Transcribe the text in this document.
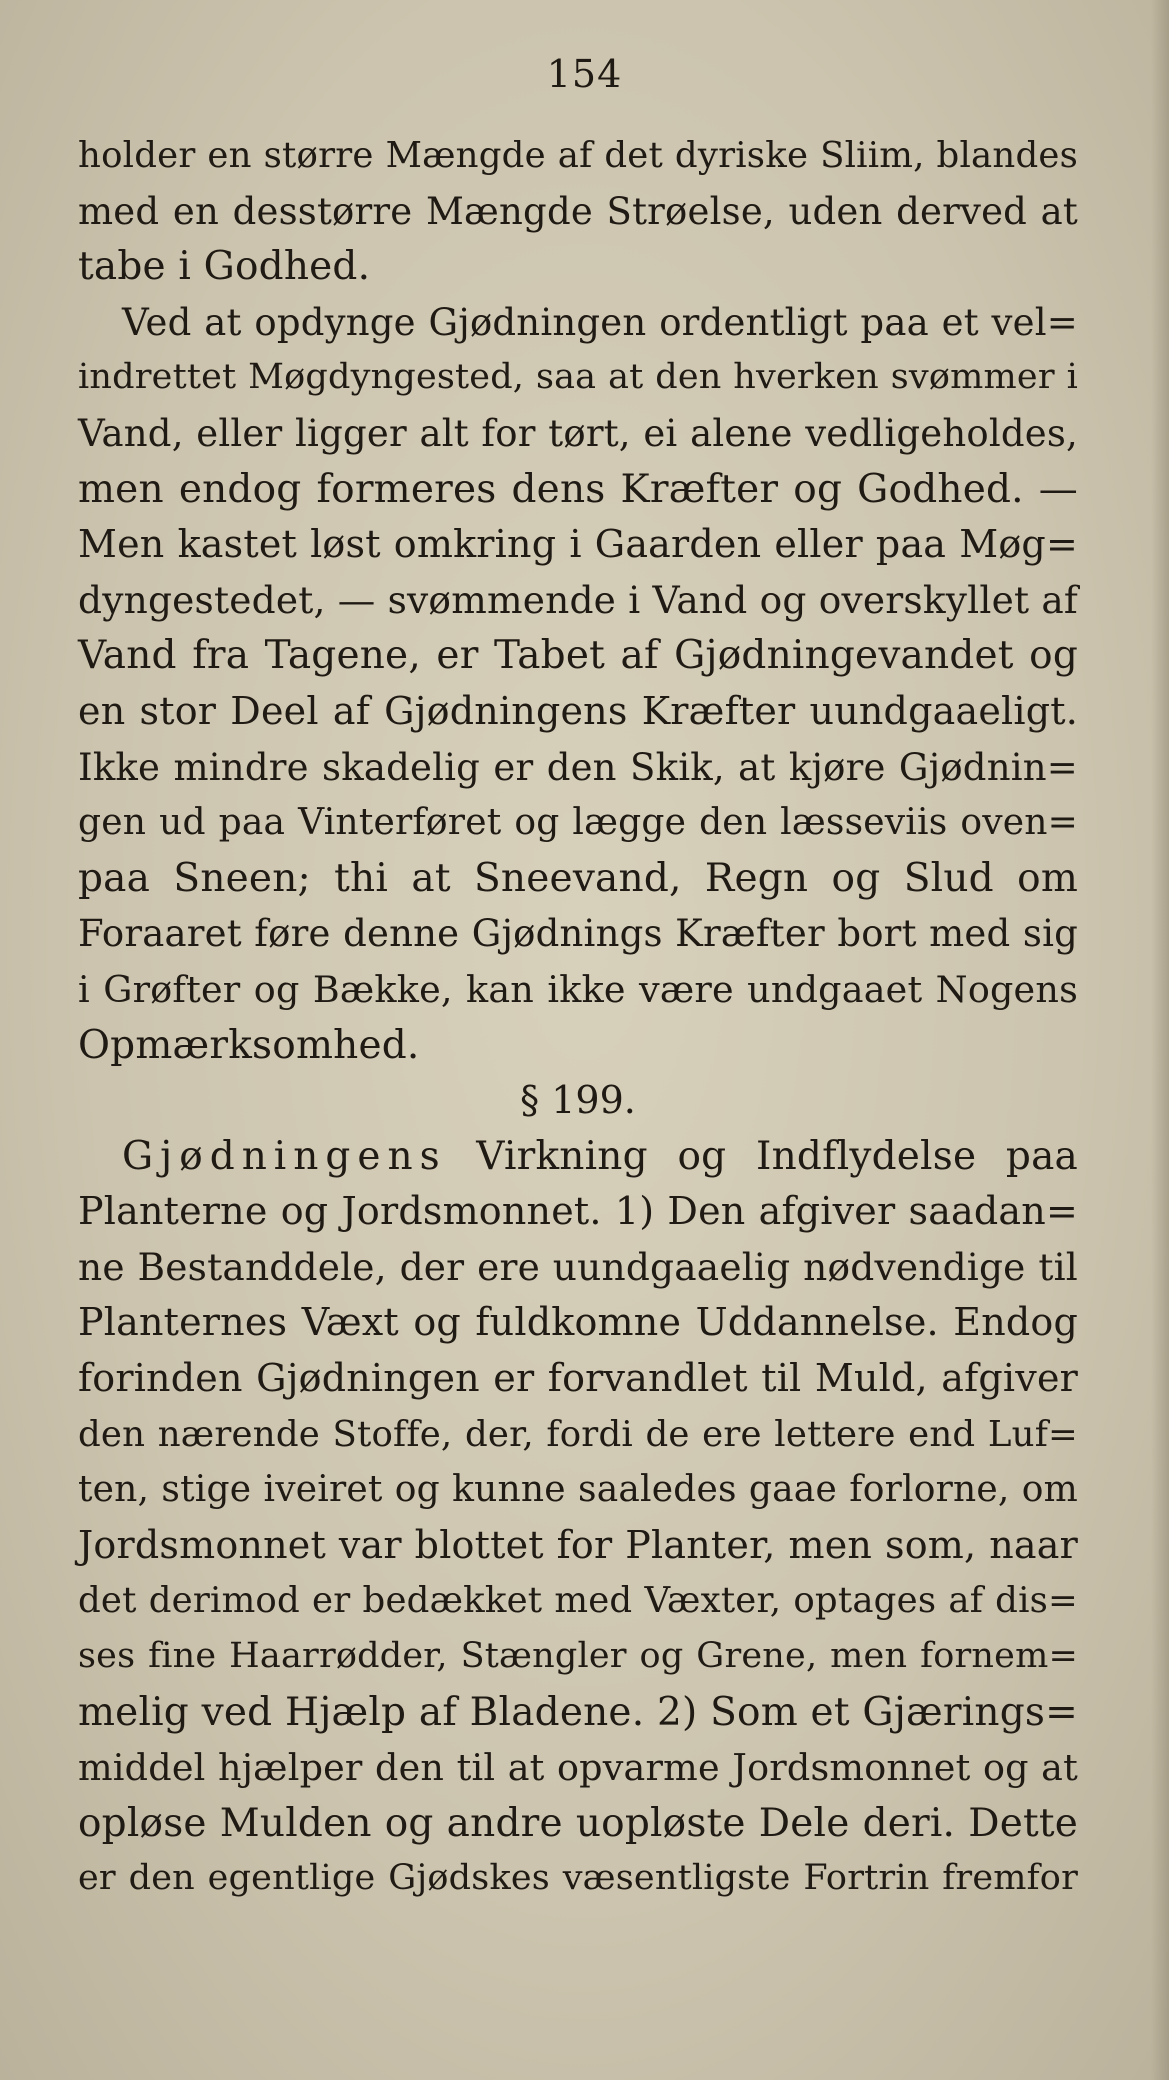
154
holder en større Mængde af det dyriske Sliim, blandes
med en desstørre Mængde Strøelse, uden derved at
tabe i Godhed.
Ved at opdynge Gjødningen ordentligt paa et vel=
indrettet Møgdyngested, saa at den hverken svømmer i
Vand, eller ligger alt for tørt, ei alene vedligeholdes,
men endog formeres dens Kræfter og Godhed. —
Men kastet løst omkring i Gaarden eller paa Møg=
dyngestedet, — svømmende i Vand og overskyllet af
Vand fra Tagene, er Tabet af Gjødningevandet og
en stor Deel af Gjødningens Kræfter uundgaaeligt.
Ikke mindre skadelig er den Skik, at kjøre Gjødnin=
gen ud paa Vinterføret og lægge den læsseviis oven=
paa Sneen; thi at Sneevand, Regn og Slud om
Foraaret føre denne Gjødnings Kræfter bort med sig
i Grøfter og Bække, kan ikke være undgaaet Nogens
Opmærksomhed.
§ 199.
Gjødningens Virkning og Indflydelse paa
Planterne og Jordsmonnet. 1) Den afgiver saadan=
ne Bestanddele, der ere uundgaaelig nødvendige til
Planternes Væxt og fuldkomne Uddannelse. Endog
forinden Gjødningen er forvandlet til Muld, afgiver
den nærende Stoffe, der, fordi de ere lettere end Luf=
ten, stige iveiret og kunne saaledes gaae forlorne, om
Jordsmonnet var blottet for Planter, men som, naar
det derimod er bedækket med Væxter, optages af dis=
ses fine Haarrødder, Stængler og Grene, men fornem=
melig ved Hjælp af Bladene. 2) Som et Gjærings=
middel hjælper den til at opvarme Jordsmonnet og at
opløse Mulden og andre uopløste Dele deri. Dette
er den egentlige Gjødskes væsentligste Fortrin fremfor
